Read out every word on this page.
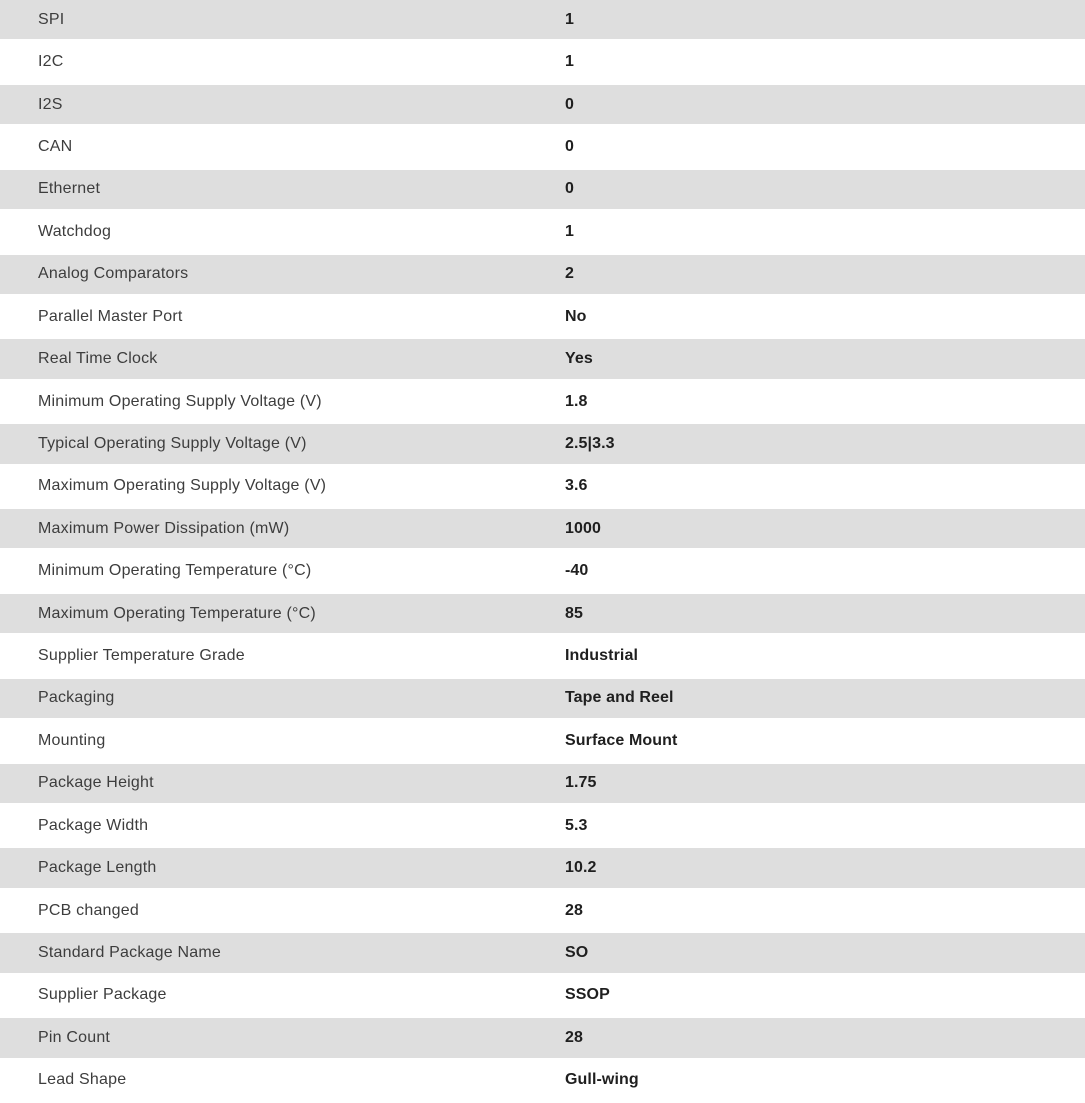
SPI	1
I2C	1
I2S	0
CAN	0
Ethernet	0
Watchdog	1
Analog Comparators	2
Parallel Master Port	No
Real Time Clock	Yes
Minimum Operating Supply Voltage (V)	1.8
Typical Operating Supply Voltage (V)	2.5|3.3
Maximum Operating Supply Voltage (V)	3.6
Maximum Power Dissipation (mW)	1000
Minimum Operating Temperature (°C)	-40
Maximum Operating Temperature (°C)	85
Supplier Temperature Grade	Industrial
Packaging	Tape and Reel
Mounting	Surface Mount
Package Height	1.75
Package Width	5.3
Package Length	10.2
PCB changed	28
Standard Package Name	SO
Supplier Package	SSOP
Pin Count	28
Lead Shape	Gull-wing
